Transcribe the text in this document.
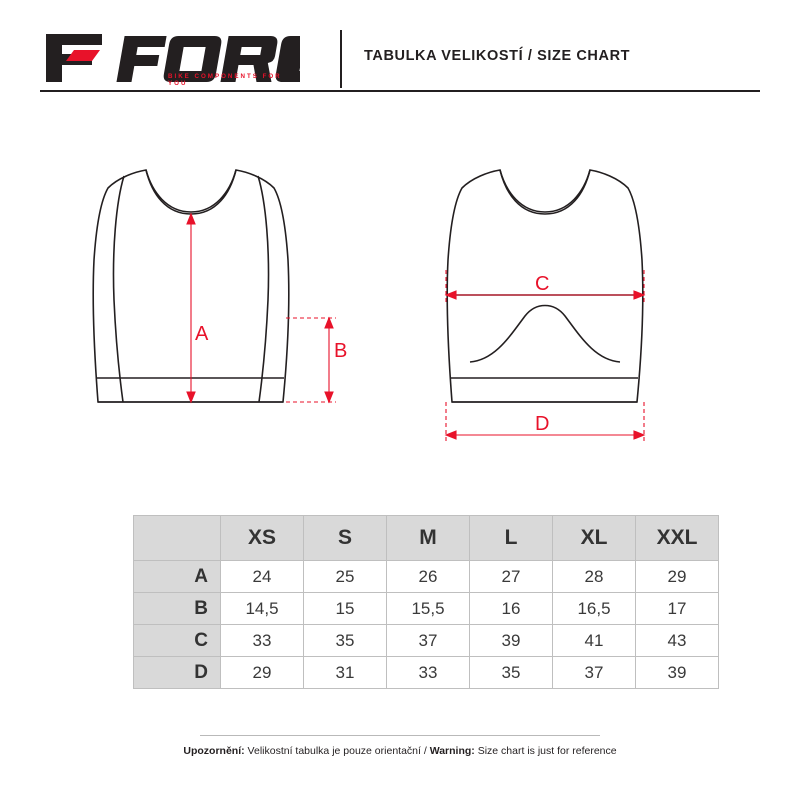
BIKE COMPONENTS FOR YOU
TABULKA VELIKOSTÍ / SIZE CHART
A
B
C
D
	XS	S	M	L	XL	XXL
A	24	25	26	27	28	29
B	14,5	15	15,5	16	16,5	17
C	33	35	37	39	41	43
D	29	31	33	35	37	39
Upozornění: Velikostní tabulka je pouze orientační / Warning: Size chart is just for reference
